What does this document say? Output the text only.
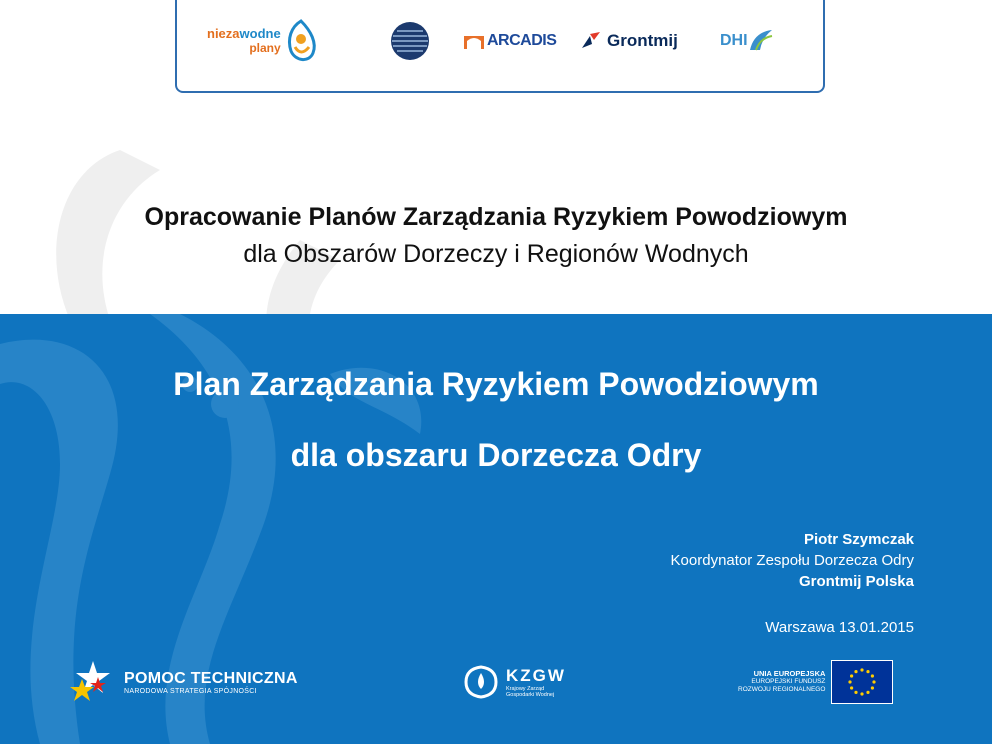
niezawodne
plany	ARCADIS	Grontmij	DHI
Opracowanie Planów Zarządzania Ryzykiem Powodziowym
dla Obszarów Dorzeczy i Regionów Wodnych
Plan Zarządzania Ryzykiem Powodziowym
dla obszaru Dorzecza Odry
Piotr Szymczak
Koordynator Zespołu Dorzecza Odry
Grontmij Polska
Warszawa 13.01.2015
POMOC TECHNICZNA
NARODOWA STRATEGIA SPÓJNOŚCI
KZGW
Krajowy Zarząd
Gospodarki Wodnej
UNIA EUROPEJSKA
EUROPEJSKI FUNDUSZ
ROZWOJU REGIONALNEGO
